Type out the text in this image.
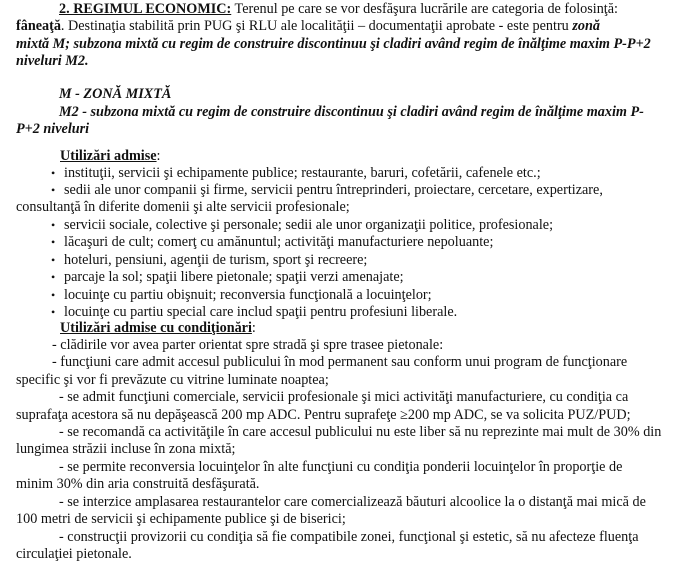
2. REGIMUL ECONOMIC: Terenul pe care se vor desfăşura lucrările are categoria de folosinţă:
fâneaţă. Destinaţia stabilită prin PUG şi RLU ale localităţii – documentaţii aprobate - este pentru zonă
mixtă M; subzona mixtă cu regim de construire discontinuu şi cladiri având regim de înălţime maxim P-P+2
niveluri M2.
M - ZONĂ MIXTĂ
M2 - subzona mixtă cu regim de construire discontinuu şi cladiri având regim de înălţime maxim P-
P+2 niveluri
Utilizări admise:
• instituţii, servicii şi echipamente publice; restaurante, baruri, cofetării, cafenele etc.;
• sedii ale unor companii şi firme, servicii pentru întreprinderi, proiectare, cercetare, expertizare,
consultanţă în diferite domenii şi alte servicii profesionale;
• servicii sociale, colective şi personale; sedii ale unor organizaţii politice, profesionale;
• lăcaşuri de cult; comerţ cu amănuntul; activităţi manufacturiere nepoluante;
• hoteluri, pensiuni, agenţii de turism, sport şi recreere;
• parcaje la sol; spaţii libere pietonale; spaţii verzi amenajate;
• locuinţe cu partiu obişnuit; reconversia funcţională a locuinţelor;
• locuinţe cu partiu special care includ spaţii pentru profesiuni liberale.
Utilizări admise cu condiţionări:
- clădirile vor avea parter orientat spre stradă şi spre trasee pietonale:
- funcţiuni care admit accesul publicului în mod permanent sau conform unui program de funcţionare
specific şi vor fi prevăzute cu vitrine luminate noaptea;
- se admit funcţiuni comerciale, servicii profesionale şi mici activităţi manufacturiere, cu condiţia ca
suprafaţa acestora să nu depăşească 200 mp ADC. Pentru suprafeţe ≥200 mp ADC, se va solicita PUZ/PUD;
- se recomandă ca activităţile în care accesul publicului nu este liber să nu reprezinte mai mult de 30% din
lungimea străzii incluse în zona mixtă;
- se permite reconversia locuinţelor în alte funcţiuni cu condiţia ponderii locuinţelor în proporţie de
minim 30% din aria construită desfăşurată.
- se interzice amplasarea restaurantelor care comercializează băuturi alcoolice la o distanţă mai mică de
100 metri de servicii şi echipamente publice şi de biserici;
- construcţii provizorii cu condiţia să fie compatibile zonei, funcţional şi estetic, să nu afecteze fluenţa
circulaţiei pietonale.
